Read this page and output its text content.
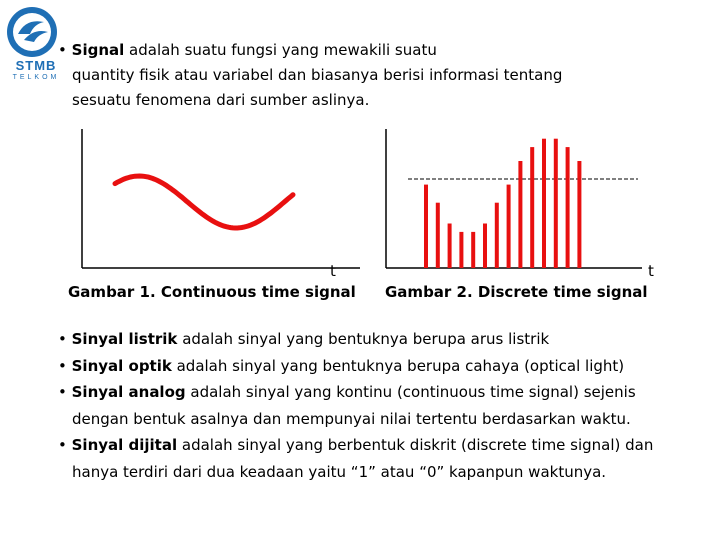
STMB
TELKOM
• Signal adalah suatu fungsi yang mewakili suatu
quantity fisik atau variabel dan biasanya berisi informasi tentang
sesuatu fenomena dari sumber aslinya.
t
Gambar 1. Continuous time signal
t
Gambar 2. Discrete time signal
• Sinyal listrik adalah sinyal yang bentuknya berupa arus listrik
• Sinyal optik adalah sinyal yang bentuknya berupa cahaya (optical light)
• Sinyal analog adalah sinyal yang kontinu (continuous time signal) sejenis
dengan bentuk asalnya dan mempunyai nilai tertentu berdasarkan waktu.
• Sinyal dijital adalah sinyal yang berbentuk diskrit (discrete time signal) dan
hanya terdiri dari dua keadaan yaitu “1” atau “0” kapanpun waktunya.
